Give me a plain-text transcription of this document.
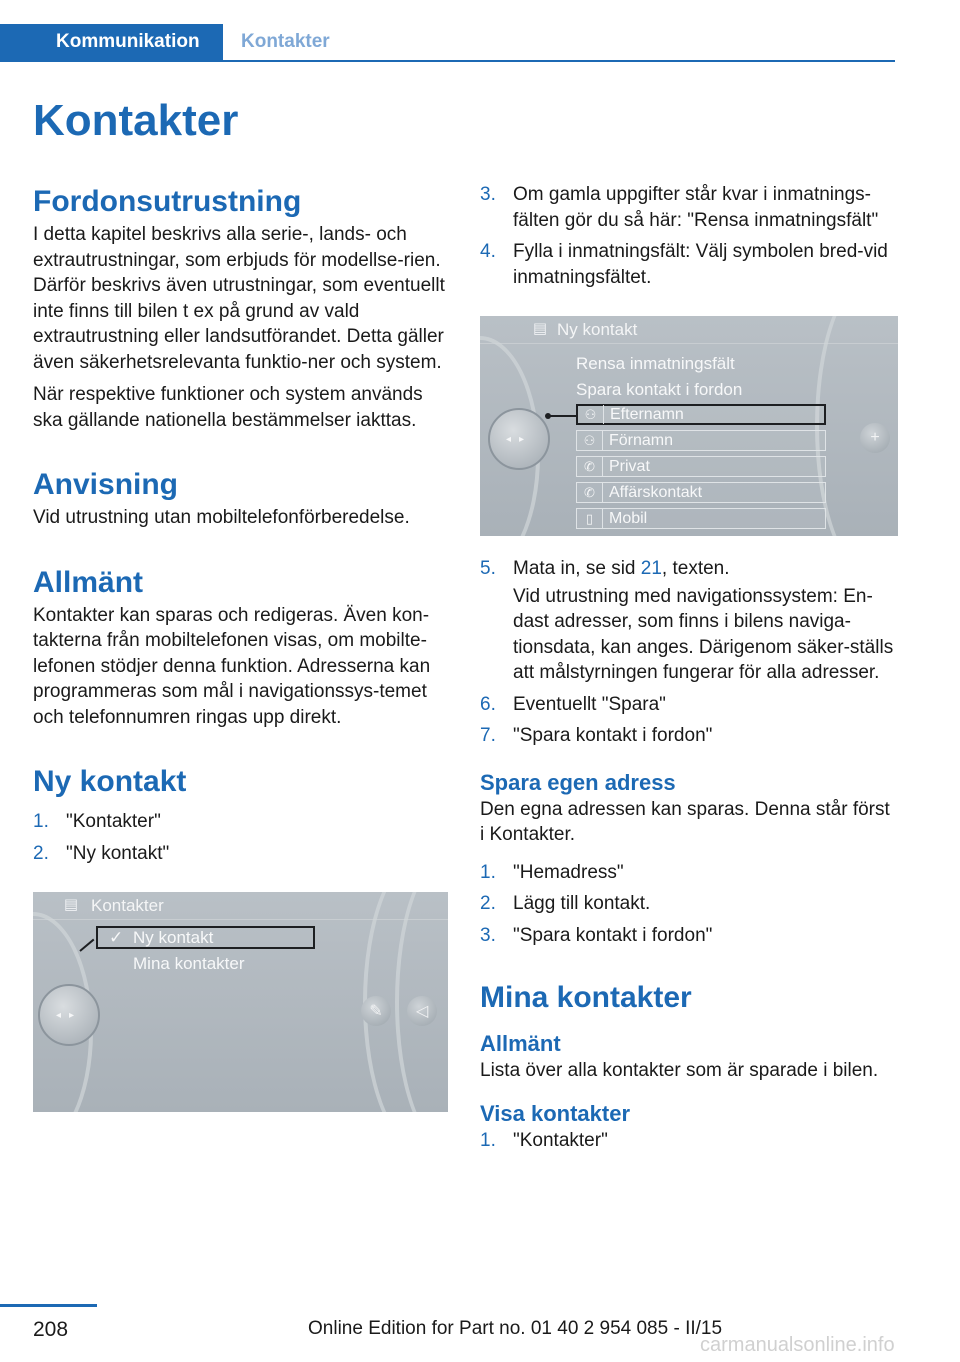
Kommunikation	Kontakter
Kontakter
Fordonsutrustning

I detta kapitel beskrivs alla serie-, lands- och extrautrustningar, som erbjuds för modellse-rien. Därför beskrivs även utrustningar, som eventuellt inte finns till bilen t ex på grund av vald extrautrustning eller landsutförandet. Detta gäller även säkerhetsrelevanta funktio-ner och system.

När respektive funktioner och system används ska gällande nationella bestämmelser iakttas.

Anvisning

Vid utrustning utan mobiltelefonförberedelse.

Allmänt

Kontakter kan sparas och redigeras. Även kon-takterna från mobiltelefonen visas, om mobilte-lefonen stödjer denna funktion. Adresserna kan programmeras som mål i navigationssys-temet och telefonnumren ringas upp direkt.

Ny kontakt
1. "Kontakter"
2. "Ny kontakt"
▤ Kontakter
◂▸	✎	◁
✓ Ny kontakt
Mina kontakter
3. Om gamla uppgifter står kvar i inmatnings-fälten gör du så här: "Rensa inmatningsfält"
4. Fylla i inmatningsfält: Välj symbolen bred-vid inmatningsfältet.
▤ Ny kontakt
◂▸	+
Rensa inmatningsfält
Spara kontakt i fordon
⚇ Efternamn
⚇ Förnamn
✆ Privat
✆ Affärskontakt
▯ Mobil
5. Mata in, se sid 21, texten.
Vid utrustning med navigationssystem: En-dast adresser, som finns i bilens naviga-tionsdata, kan anges. Därigenom säker-ställs att målstyrningen fungerar för alla adresser.
6. Eventuellt "Spara"
7. "Spara kontakt i fordon"
Spara egen adress

Den egna adressen kan sparas. Denna står först i Kontakter.

1. "Hemadress"
2. Lägg till kontakt.
3. "Spara kontakt i fordon"
Mina kontakter
Allmänt

Lista över alla kontakter som är sparade i bilen.

Visa kontakter
1. "Kontakter"
208	Online Edition for Part no. 01 40 2 954 085 - II/15
carmanualsonline.info
